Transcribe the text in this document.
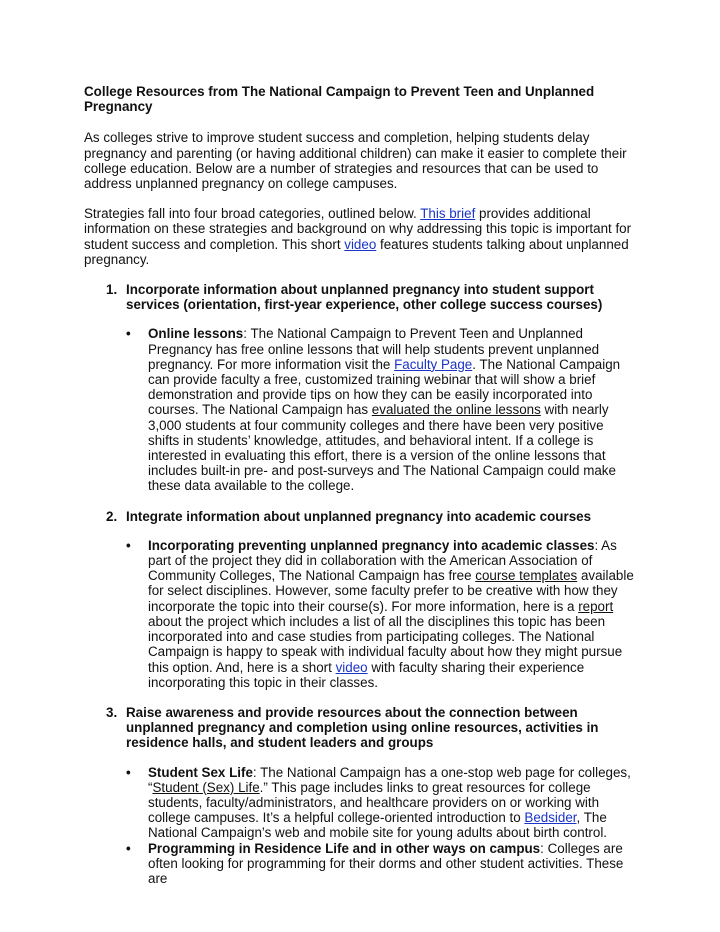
College Resources from The National Campaign to Prevent Teen and Unplanned Pregnancy

As colleges strive to improve student success and completion, helping students delay pregnancy and parenting (or having additional children) can make it easier to complete their college education. Below are a number of strategies and resources that can be used to address unplanned pregnancy on college campuses.

Strategies fall into four broad categories, outlined below. This brief provides additional information on these strategies and background on why addressing this topic is important for student success and completion. This short video features students talking about unplanned pregnancy.

1. Incorporate information about unplanned pregnancy into student support services (orientation, first-year experience, other college success courses)

• Online lessons: The National Campaign to Prevent Teen and Unplanned Pregnancy has free online lessons that will help students prevent unplanned pregnancy. For more information visit the Faculty Page. The National Campaign can provide faculty a free, customized training webinar that will show a brief demonstration and provide tips on how they can be easily incorporated into courses. The National Campaign has evaluated the online lessons with nearly 3,000 students at four community colleges and there have been very positive shifts in students’ knowledge, attitudes, and behavioral intent. If a college is interested in evaluating this effort, there is a version of the online lessons that includes built-in pre- and post-surveys and The National Campaign could make these data available to the college.

2. Integrate information about unplanned pregnancy into academic courses

• Incorporating preventing unplanned pregnancy into academic classes: As part of the project they did in collaboration with the American Association of Community Colleges, The National Campaign has free course templates available for select disciplines. However, some faculty prefer to be creative with how they incorporate the topic into their course(s). For more information, here is a report about the project which includes a list of all the disciplines this topic has been incorporated into and case studies from participating colleges. The National Campaign is happy to speak with individual faculty about how they might pursue this option. And, here is a short video with faculty sharing their experience incorporating this topic in their classes.

3. Raise awareness and provide resources about the connection between unplanned pregnancy and completion using online resources, activities in residence halls, and student leaders and groups

• Student Sex Life: The National Campaign has a one-stop web page for colleges, “Student (Sex) Life.” This page includes links to great resources for college students, faculty/administrators, and healthcare providers on or working with college campuses. It’s a helpful college-oriented introduction to Bedsider, The National Campaign’s web and mobile site for young adults about birth control.

• Programming in Residence Life and in other ways on campus: Colleges are often looking for programming for their dorms and other student activities. These are
